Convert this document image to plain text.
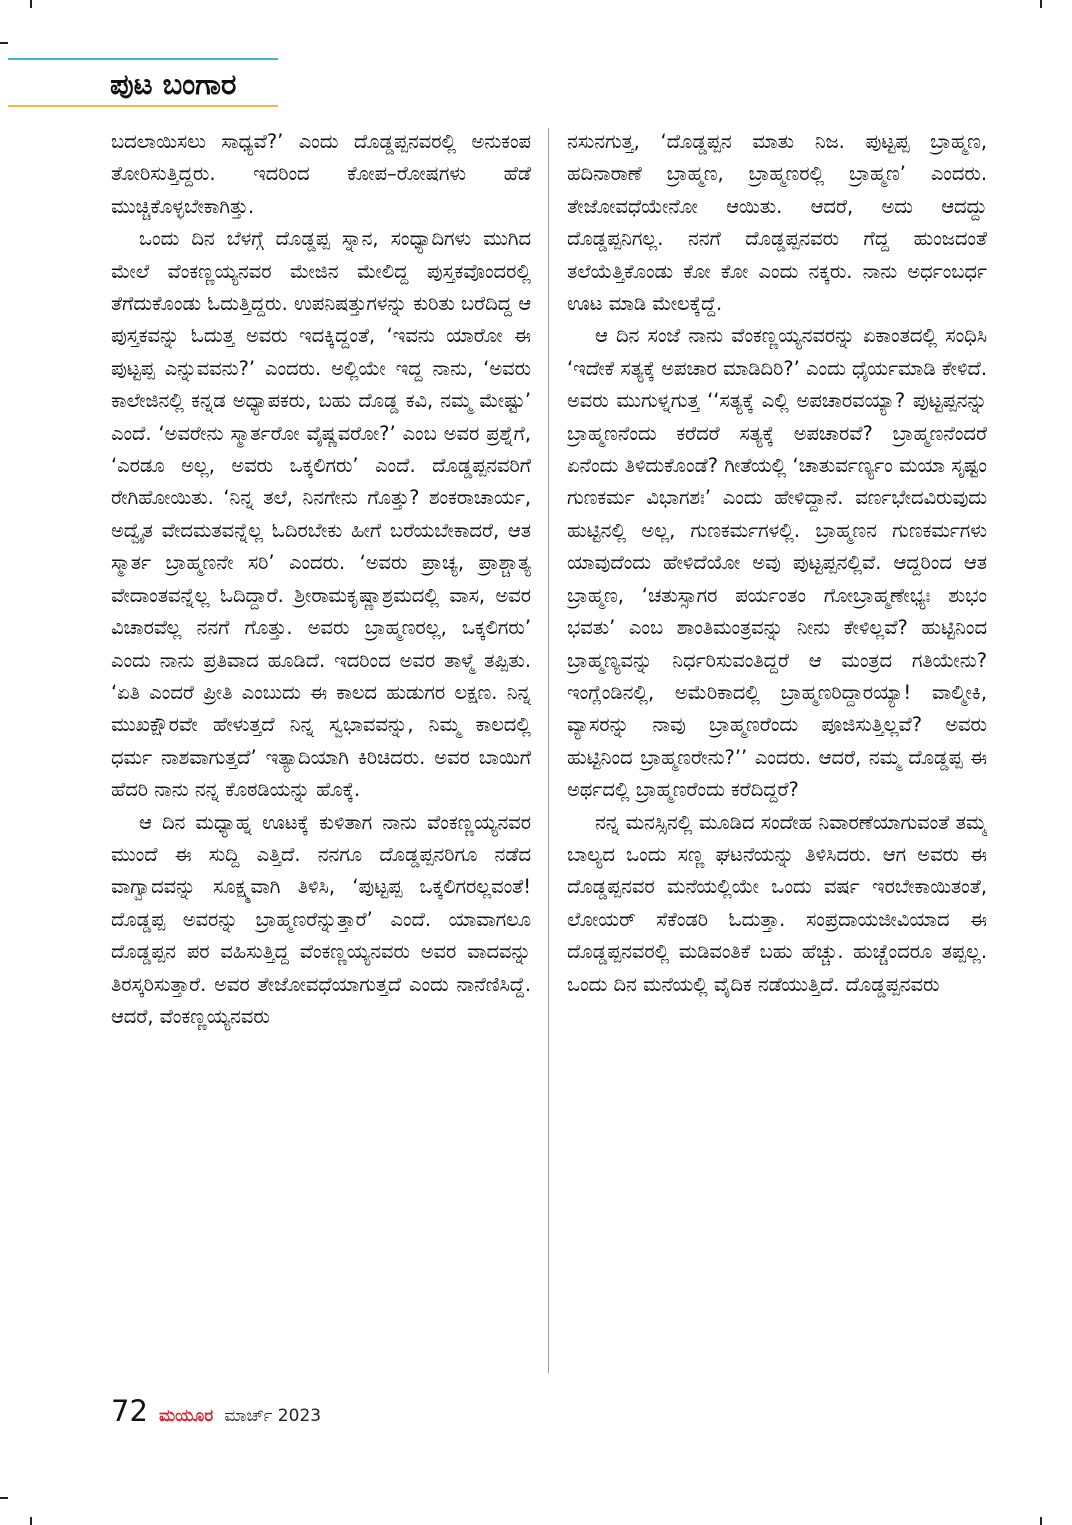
ಪುಟ ಬಂಗಾರ

ಬದಲಾಯಿಸಲು ಸಾಧ್ಯವೆ?’ ಎಂದು ದೊಡ್ಡಪ್ಪನವರಲ್ಲಿ ಅನುಕಂಪ ತೋರಿಸುತ್ತಿದ್ದರು. ಇದರಿಂದ ಕೋಪ–ರೋಷಗಳು ಹೆಡೆ ಮುಚ್ಚಿಕೊಳ್ಳಬೇಕಾಗಿತ್ತು.

ಒಂದು ದಿನ ಬೆಳಗ್ಗೆ ದೊಡ್ಡಪ್ಪ ಸ್ನಾನ, ಸಂಧ್ಯಾದಿಗಳು ಮುಗಿದ ಮೇಲೆ ವೆಂಕಣ್ಣಯ್ಯನವರ ಮೇಜಿನ ಮೇಲಿದ್ದ ಪುಸ್ತಕವೊಂದರಲ್ಲಿ ತೆಗೆದುಕೊಂಡು ಓದುತ್ತಿದ್ದರು. ಉಪನಿಷತ್ತುಗಳನ್ನು ಕುರಿತು ಬರೆದಿದ್ದ ಆ ಪುಸ್ತಕವನ್ನು ಓದುತ್ತ ಅವರು ಇದಕ್ಕಿದ್ದಂತೆ, ‘ಇವನು ಯಾರೋ ಈ ಪುಟ್ಟಪ್ಪ ಎನ್ನುವವನು?’ ಎಂದರು. ಅಲ್ಲಿಯೇ ಇದ್ದ ನಾನು, ‘ಅವರು ಕಾಲೇಜಿನಲ್ಲಿ ಕನ್ನಡ ಅಧ್ಯಾಪಕರು, ಬಹು ದೊಡ್ಡ ಕವಿ, ನಮ್ಮ ಮೇಷ್ಟು’ ಎಂದೆ. ‘ಅವರೇನು ಸ್ಮಾರ್ತರೋ ವೈಷ್ಣವರೋ?’ ಎಂಬ ಅವರ ಪ್ರಶ್ನೆಗೆ, ‘ಎರಡೂ ಅಲ್ಲ, ಅವರು ಒಕ್ಕಲಿಗರು’ ಎಂದೆ. ದೊಡ್ಡಪ್ಪನವರಿಗೆ ರೇಗಿಹೋಯಿತು. ‘ನಿನ್ನ ತಲೆ, ನಿನಗೇನು ಗೊತ್ತು? ಶಂಕರಾಚಾರ್ಯ, ಅದ್ವೈತ ವೇದಮತವನ್ನೆಲ್ಲ ಓದಿರಬೇಕು ಹೀಗೆ ಬರೆಯಬೇಕಾದರೆ, ಆತ ಸ್ಮಾರ್ತ ಬ್ರಾಹ್ಮಣನೇ ಸರಿ’ ಎಂದರು. ‘ಅವರು ಪ್ರಾಚ್ಯ, ಪ್ರಾಶ್ಚಾತ್ಯ ವೇದಾಂತವನ್ನೆಲ್ಲ ಓದಿದ್ದಾರೆ. ಶ್ರೀರಾಮಕೃಷ್ಣಾಶ್ರಮದಲ್ಲಿ ವಾಸ, ಅವರ ವಿಚಾರವೆಲ್ಲ ನನಗೆ ಗೊತ್ತು. ಅವರು ಬ್ರಾಹ್ಮಣರಲ್ಲ, ಒಕ್ಕಲಿಗರು’ ಎಂದು ನಾನು ಪ್ರತಿವಾದ ಹೂಡಿದೆ. ಇದರಿಂದ ಅವರ ತಾಳ್ಮೆ ತಪ್ಪಿತು. ‘ಏತಿ ಎಂದರೆ ಪ್ರೀತಿ ಎಂಬುದು ಈ ಕಾಲದ ಹುಡುಗರ ಲಕ್ಷಣ. ನಿನ್ನ ಮುಖಕ್ಷೌರವೇ ಹೇಳುತ್ತದೆ ನಿನ್ನ ಸ್ವಭಾವವನ್ನು, ನಿಮ್ಮ ಕಾಲದಲ್ಲಿ ಧರ್ಮ ನಾಶವಾಗುತ್ತದೆ’ ಇತ್ಯಾದಿಯಾಗಿ ಕಿರಿಚಿದರು. ಅವರ ಬಾಯಿಗೆ ಹೆದರಿ ನಾನು ನನ್ನ ಕೊಠಡಿಯನ್ನು ಹೊಕ್ಕೆ.

ಆ ದಿನ ಮಧ್ಯಾಹ್ನ ಊಟಕ್ಕೆ ಕುಳಿತಾಗ ನಾನು ವೆಂಕಣ್ಣಯ್ಯನವರ ಮುಂದೆ ಈ ಸುದ್ದಿ ಎತ್ತಿದೆ. ನನಗೂ ದೊಡ್ಡಪ್ಪನರಿಗೂ ನಡೆದ ವಾಗ್ವಾದವನ್ನು ಸೂಕ್ಷ್ಮವಾಗಿ ತಿಳಿಸಿ, ‘ಪುಟ್ಟಪ್ಪ ಒಕ್ಕಲಿಗರಲ್ಲವಂತೆ! ದೊಡ್ಡಪ್ಪ ಅವರನ್ನು ಬ್ರಾಹ್ಮಣರೆನ್ನುತ್ತಾರೆ’ ಎಂದೆ. ಯಾವಾಗಲೂ ದೊಡ್ಡಪ್ಪನ ಪರ ವಹಿಸುತ್ತಿದ್ದ ವೆಂಕಣ್ಣಯ್ಯನವರು ಅವರ ವಾದವನ್ನು ತಿರಸ್ಕರಿಸುತ್ತಾರೆ. ಅವರ ತೇಜೋವಧೆಯಾಗುತ್ತದೆ ಎಂದು ನಾನೆಣಿಸಿದ್ದೆ. ಆದರೆ, ವೆಂಕಣ್ಣಯ್ಯನವರು

ನಸುನಗುತ್ತ, ‘ದೊಡ್ಡಪ್ಪನ ಮಾತು ನಿಜ. ಪುಟ್ಟಪ್ಪ ಬ್ರಾಹ್ಮಣ, ಹದಿನಾರಾಣೆ ಬ್ರಾಹ್ಮಣ, ಬ್ರಾಹ್ಮಣರಲ್ಲಿ ಬ್ರಾಹ್ಮಣ’ ಎಂದರು. ತೇಜೋವಧೆಯೇನೋ ಆಯಿತು. ಆದರೆ, ಅದು ಆದದ್ದು ದೊಡ್ಡಪ್ಪನಿಗಲ್ಲ. ನನಗೆ ದೊಡ್ಡಪ್ಪನವರು ಗೆದ್ದ ಹುಂಜದಂತೆ ತಲೆಯೆತ್ತಿಕೊಂಡು ಕೋ ಕೋ ಎಂದು ನಕ್ಕರು. ನಾನು ಅರ್ಧಂಬರ್ಧ ಊಟ ಮಾಡಿ ಮೇಲಕ್ಕೆದ್ದೆ.

ಆ ದಿನ ಸಂಜೆ ನಾನು ವೆಂಕಣ್ಣಯ್ಯನವರನ್ನು ಏಕಾಂತದಲ್ಲಿ ಸಂಧಿಸಿ ‘ಇದೇಕೆ ಸತ್ಯಕ್ಕೆ ಅಪಚಾರ ಮಾಡಿದಿರಿ?’ ಎಂದು ಧೈರ್ಯಮಾಡಿ ಕೇಳಿದೆ. ಅವರು ಮುಗುಳ್ನಗುತ್ತ ‘‘ಸತ್ಯಕ್ಕೆ ಎಲ್ಲಿ ಅಪಚಾರವಯ್ಯಾ? ಪುಟ್ಟಪ್ಪನನ್ನು ಬ್ರಾಹ್ಮಣನೆಂದು ಕರೆದರೆ ಸತ್ಯಕ್ಕೆ ಅಪಚಾರವೆ? ಬ್ರಾಹ್ಮಣನೆಂದರೆ ಏನೆಂದು ತಿಳಿದುಕೊಂಡೆ? ಗೀತೆಯಲ್ಲಿ ‘ಚಾತುರ್ವರ್ಣ್ಯಂ ಮಯಾ ಸೃಷ್ಟಂ ಗುಣಕರ್ಮ ವಿಭಾಗಶಃ’ ಎಂದು ಹೇಳಿದ್ದಾನೆ. ವರ್ಣಭೇದವಿರುವುದು ಹುಟ್ಟಿನಲ್ಲಿ ಅಲ್ಲ, ಗುಣಕರ್ಮಗಳಲ್ಲಿ. ಬ್ರಾಹ್ಮಣನ ಗುಣಕರ್ಮಗಳು ಯಾವುದೆಂದು ಹೇಳಿದೆಯೋ ಅವು ಪುಟ್ಟಪ್ಪನಲ್ಲಿವೆ. ಆದ್ದರಿಂದ ಆತ ಬ್ರಾಹ್ಮಣ, ‘ಚತುಸ್ಸಾಗರ ಪರ್ಯಂತಂ ಗೋಬ್ರಾಹ್ಮಣೇಭ್ಯಃ ಶುಭಂ ಭವತು’ ಎಂಬ ಶಾಂತಿಮಂತ್ರವನ್ನು ನೀನು ಕೇಳಿಲ್ಲವೆ? ಹುಟ್ಟಿನಿಂದ ಬ್ರಾಹ್ಮಣ್ಯವನ್ನು ನಿರ್ಧರಿಸುವಂತಿದ್ದರೆ ಆ ಮಂತ್ರದ ಗತಿಯೇನು? ಇಂಗ್ಲೆಂಡಿನಲ್ಲಿ, ಅಮೆರಿಕಾದಲ್ಲಿ ಬ್ರಾಹ್ಮಣರಿದ್ದಾರಯ್ಯಾ! ವಾಲ್ಮೀಕಿ, ವ್ಯಾಸರನ್ನು ನಾವು ಬ್ರಾಹ್ಮಣರೆಂದು ಪೂಜಿಸುತ್ತಿಲ್ಲವೆ? ಅವರು ಹುಟ್ಟಿನಿಂದ ಬ್ರಾಹ್ಮಣರೇನು?’’ ಎಂದರು. ಆದರೆ, ನಮ್ಮ ದೊಡ್ಡಪ್ಪ ಈ ಅರ್ಥದಲ್ಲಿ ಬ್ರಾಹ್ಮಣರೆಂದು ಕರೆದಿದ್ದರೆ?

ನನ್ನ ಮನಸ್ಸಿನಲ್ಲಿ ಮೂಡಿದ ಸಂದೇಹ ನಿವಾರಣೆಯಾಗುವಂತೆ ತಮ್ಮ ಬಾಲ್ಯದ ಒಂದು ಸಣ್ಣ ಘಟನೆಯನ್ನು ತಿಳಿಸಿದರು. ಆಗ ಅವರು ಈ ದೊಡ್ಡಪ್ಪನವರ ಮನೆಯಲ್ಲಿಯೇ ಒಂದು ವರ್ಷ ಇರಬೇಕಾಯಿತಂತೆ, ಲೋಯರ್ ಸೆಕೆಂಡರಿ ಓದುತ್ತಾ. ಸಂಪ್ರದಾಯಜೀವಿಯಾದ ಈ ದೊಡ್ಡಪ್ಪನವರಲ್ಲಿ ಮಡಿವಂತಿಕೆ ಬಹು ಹೆಚ್ಚು. ಹುಚ್ಚೆಂದರೂ ತಪ್ಪಲ್ಲ. ಒಂದು ದಿನ ಮನೆಯಲ್ಲಿ ವೈದಿಕ ನಡೆಯುತ್ತಿದೆ. ದೊಡ್ಡಪ್ಪನವರು

72 ಮಯೂರ ಮಾರ್ಚ್ 2023
